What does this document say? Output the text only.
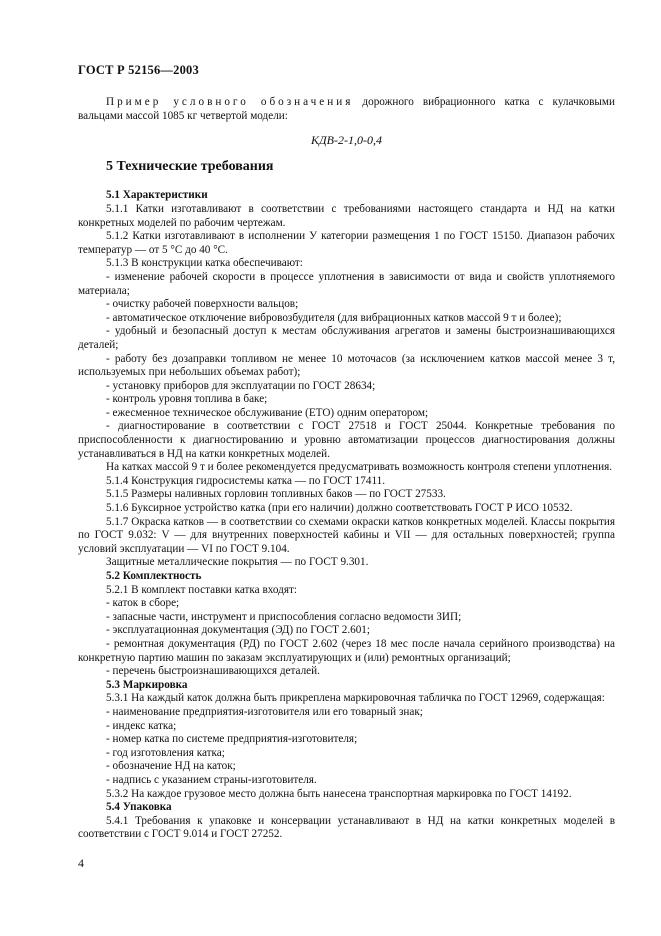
ГОСТ Р 52156—2003

Пример условного обозначения дорожного вибрационного катка с кулачковыми вальцами массой 1085 кг четвертой модели:

КДВ-2-1,0-0,4
5 Технические требования

5.1 Характеристики

5.1.1 Катки изготавливают в соответствии с требованиями настоящего стандарта и НД на катки конкретных моделей по рабочим чертежам.

5.1.2 Катки изготавливают в исполнении У категории размещения 1 по ГОСТ 15150. Диапазон рабочих температур — от 5 °С до 40 °С.

5.1.3 В конструкции катка обеспечивают:

- изменение рабочей скорости в процессе уплотнения в зависимости от вида и свойств уплотняемого материала;

- очистку рабочей поверхности вальцов;

- автоматическое отключение вибровозбудителя (для вибрационных катков массой 9 т и более);

- удобный и безопасный доступ к местам обслуживания агрегатов и замены быстроизнашивающихся деталей;

- работу без дозаправки топливом не менее 10 моточасов (за исключением катков массой менее 3 т, используемых при небольших объемах работ);

- установку приборов для эксплуатации по ГОСТ 28634;

- контроль уровня топлива в баке;

- ежесменное техническое обслуживание (ЕТО) одним оператором;

- диагностирование в соответствии с ГОСТ 27518 и ГОСТ 25044. Конкретные требования по приспособленности к диагностированию и уровню автоматизации процессов диагностирования должны устанавливаться в НД на катки конкретных моделей.

На катках массой 9 т и более рекомендуется предусматривать возможность контроля степени уплотнения.

5.1.4 Конструкция гидросистемы катка — по ГОСТ 17411.

5.1.5 Размеры наливных горловин топливных баков — по ГОСТ 27533.

5.1.6 Буксирное устройство катка (при его наличии) должно соответствовать ГОСТ Р ИСО 10532.

5.1.7 Окраска катков — в соответствии со схемами окраски катков конкретных моделей. Классы покрытия по ГОСТ 9.032: V — для внутренних поверхностей кабины и VII — для остальных поверхностей; группа условий эксплуатации — VI по ГОСТ 9.104.

Защитные металлические покрытия — по ГОСТ 9.301.

5.2 Комплектность

5.2.1 В комплект поставки катка входят:

- каток в сборе;

- запасные части, инструмент и приспособления согласно ведомости ЗИП;

- эксплуатационная документация (ЭД) по ГОСТ 2.601;

- ремонтная документация (РД) по ГОСТ 2.602 (через 18 мес после начала серийного производства) на конкретную партию машин по заказам эксплуатирующих и (или) ремонтных организаций;

- перечень быстроизнашивающихся деталей.

5.3 Маркировка

5.3.1 На каждый каток должна быть прикреплена маркировочная табличка по ГОСТ 12969, содержащая:

- наименование предприятия-изготовителя или его товарный знак;

- индекс катка;

- номер катка по системе предприятия-изготовителя;

- год изготовления катка;

- обозначение НД на каток;

- надпись с указанием страны-изготовителя.

5.3.2 На каждое грузовое место должна быть нанесена транспортная маркировка по ГОСТ 14192.

5.4 Упаковка

5.4.1 Требования к упаковке и консервации устанавливают в НД на катки конкретных моделей в соответствии с ГОСТ 9.014 и ГОСТ 27252.

4
